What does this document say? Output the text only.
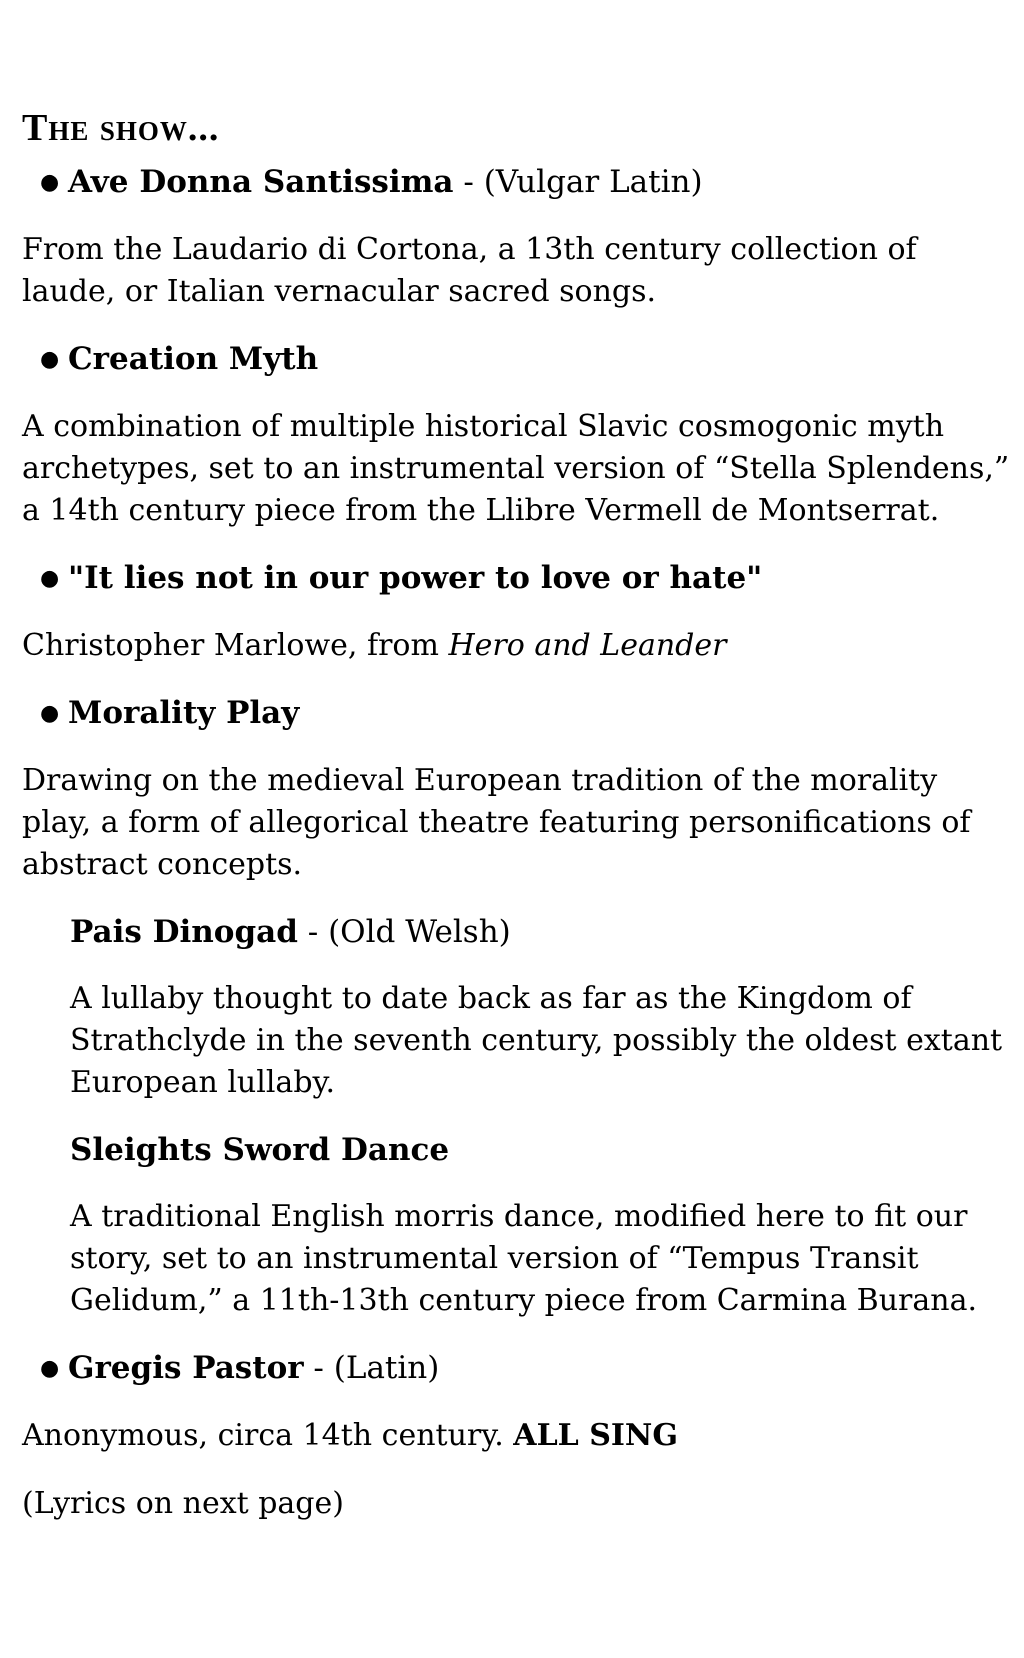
The show...
● Ave Donna Santissima - (Vulgar Latin)
From the Laudario di Cortona, a 13th century collection of laude, or Italian vernacular sacred songs.
● Creation Myth
A combination of multiple historical Slavic cosmogonic myth archetypes, set to an instrumental version of “Stella Splendens,” a 14th century piece from the Llibre Vermell de Montserrat.
● "It lies not in our power to love or hate"
Christopher Marlowe, from Hero and Leander
● Morality Play
Drawing on the medieval European tradition of the morality play, a form of allegorical theatre featuring personifications of abstract concepts.
Pais Dinogad - (Old Welsh)
A lullaby thought to date back as far as the Kingdom of Strathclyde in the seventh century, possibly the oldest extant European lullaby.
Sleights Sword Dance
A traditional English morris dance, modified here to fit our story, set to an instrumental version of “Tempus Transit Gelidum,” a 11th-13th century piece from Carmina Burana.
● Gregis Pastor - (Latin)
Anonymous, circa 14th century. ALL SING
(Lyrics on next page)
